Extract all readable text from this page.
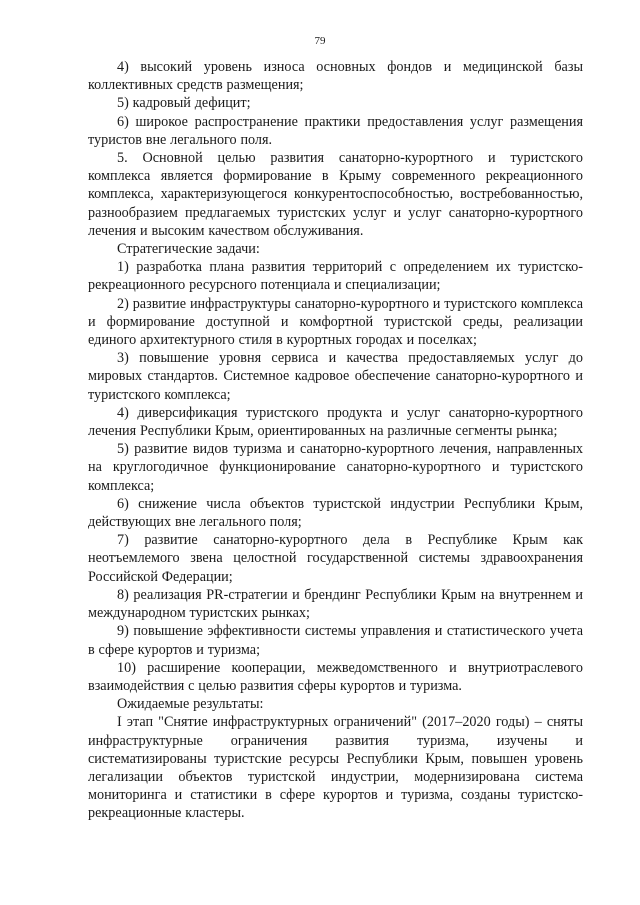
79

4) высокий уровень износа основных фондов и медицинской базы коллективных средств размещения;

5) кадровый дефицит;

6) широкое распространение практики предоставления услуг размещения туристов вне легального поля.

5. Основной целью развития санаторно-курортного и туристского комплекса является формирование в Крыму современного рекреационного комплекса, характеризующегося конкурентоспособностью, востребованностью, разнообразием предлагаемых туристских услуг и услуг санаторно-курортного лечения и высоким качеством обслуживания.

Стратегические задачи:

1) разработка плана развития территорий с определением их туристско-рекреационного ресурсного потенциала и специализации;

2) развитие инфраструктуры санаторно-курортного и туристского комплекса и формирование доступной и комфортной туристской среды, реализации единого архитектурного стиля в курортных городах и поселках;

3) повышение уровня сервиса и качества предоставляемых услуг до мировых стандартов. Системное кадровое обеспечение санаторно-курортного и туристского комплекса;

4) диверсификация туристского продукта и услуг санаторно-курортного лечения Республики Крым, ориентированных на различные сегменты рынка;

5) развитие видов туризма и санаторно-курортного лечения, направленных на круглогодичное функционирование санаторно-курортного и туристского комплекса;

6) снижение числа объектов туристской индустрии Республики Крым, действующих вне легального поля;

7) развитие санаторно-курортного дела в Республике Крым как неотъемлемого звена целостной государственной системы здравоохранения Российской Федерации;

8) реализация PR-стратегии и брендинг Республики Крым на внутреннем и международном туристских рынках;

9) повышение эффективности системы управления и статистического учета в сфере курортов и туризма;

10) расширение кооперации, межведомственного и внутриотраслевого взаимодействия с целью развития сферы курортов и туризма.

Ожидаемые результаты:

I этап "Снятие инфраструктурных ограничений" (2017–2020 годы) – сняты инфраструктурные ограничения развития туризма, изучены и систематизированы туристские ресурсы Республики Крым, повышен уровень легализации объектов туристской индустрии, модернизирована система мониторинга и статистики в сфере курортов и туризма, созданы туристско-рекреационные кластеры.
